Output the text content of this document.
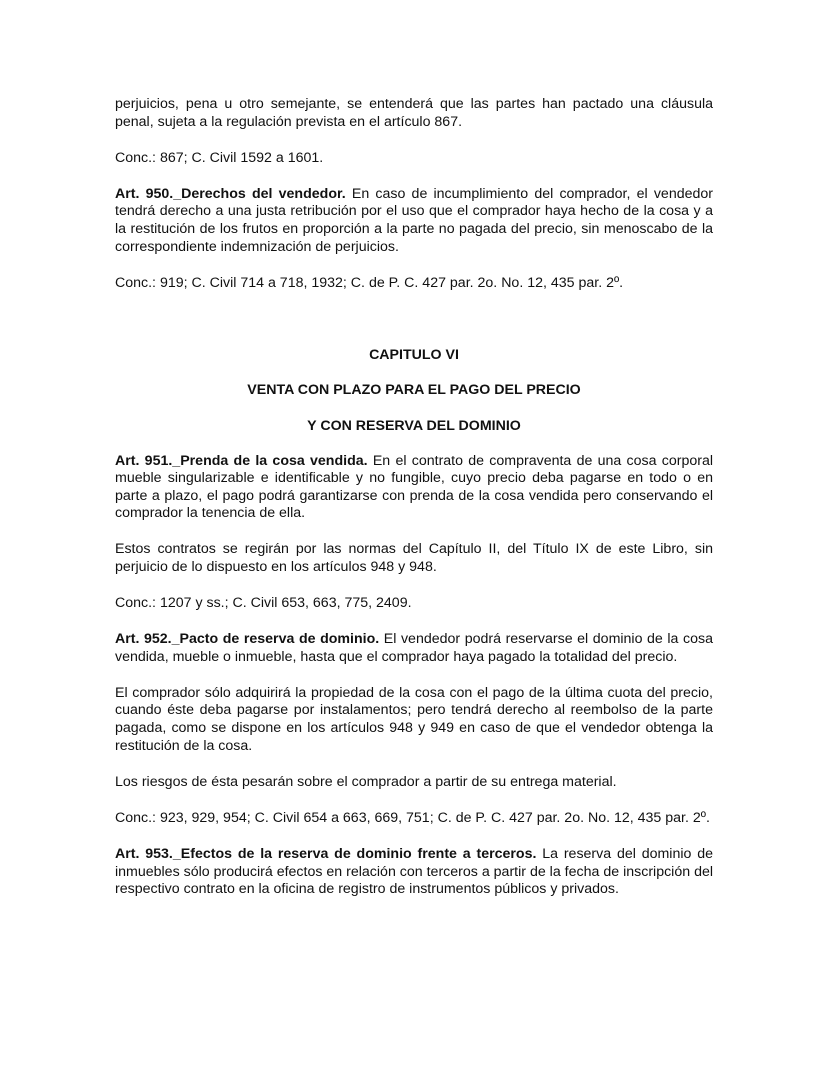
perjuicios, pena u otro semejante, se entenderá que las partes han pactado una cláusula penal, sujeta a la regulación prevista en el artículo 867.

Conc.: 867; C. Civil 1592 a 1601.

Art. 950._Derechos del vendedor. En caso de incumplimiento del comprador, el vendedor tendrá derecho a una justa retribución por el uso que el comprador haya hecho de la cosa y a la restitución de los frutos en proporción a la parte no pagada del precio, sin menoscabo de la correspondiente indemnización de perjuicios.

Conc.: 919; C. Civil 714 a 718, 1932; C. de P. C. 427 par. 2o. No. 12, 435 par. 2º.

CAPITULO VI

VENTA CON PLAZO PARA EL PAGO DEL PRECIO

Y CON RESERVA DEL DOMINIO

Art. 951._Prenda de la cosa vendida. En el contrato de compraventa de una cosa corporal mueble singularizable e identificable y no fungible, cuyo precio deba pagarse en todo o en parte a plazo, el pago podrá garantizarse con prenda de la cosa vendida pero conservando el comprador la tenencia de ella.

Estos contratos se regirán por las normas del Capítulo II, del Título IX de este Libro, sin perjuicio de lo dispuesto en los artículos 948 y 948.

Conc.: 1207 y ss.; C. Civil 653, 663, 775, 2409.

Art. 952._Pacto de reserva de dominio. El vendedor podrá reservarse el dominio de la cosa vendida, mueble o inmueble, hasta que el comprador haya pagado la totalidad del precio.

El comprador sólo adquirirá la propiedad de la cosa con el pago de la última cuota del precio, cuando éste deba pagarse por instalamentos; pero tendrá derecho al reembolso de la parte pagada, como se dispone en los artículos 948 y 949 en caso de que el vendedor obtenga la restitución de la cosa.

Los riesgos de ésta pesarán sobre el comprador a partir de su entrega material.

Conc.: 923, 929, 954; C. Civil 654 a 663, 669, 751; C. de P. C. 427 par. 2o. No. 12, 435 par. 2º.

Art. 953._Efectos de la reserva de dominio frente a terceros. La reserva del dominio de inmuebles sólo producirá efectos en relación con terceros a partir de la fecha de inscripción del respectivo contrato en la oficina de registro de instrumentos públicos y privados.
